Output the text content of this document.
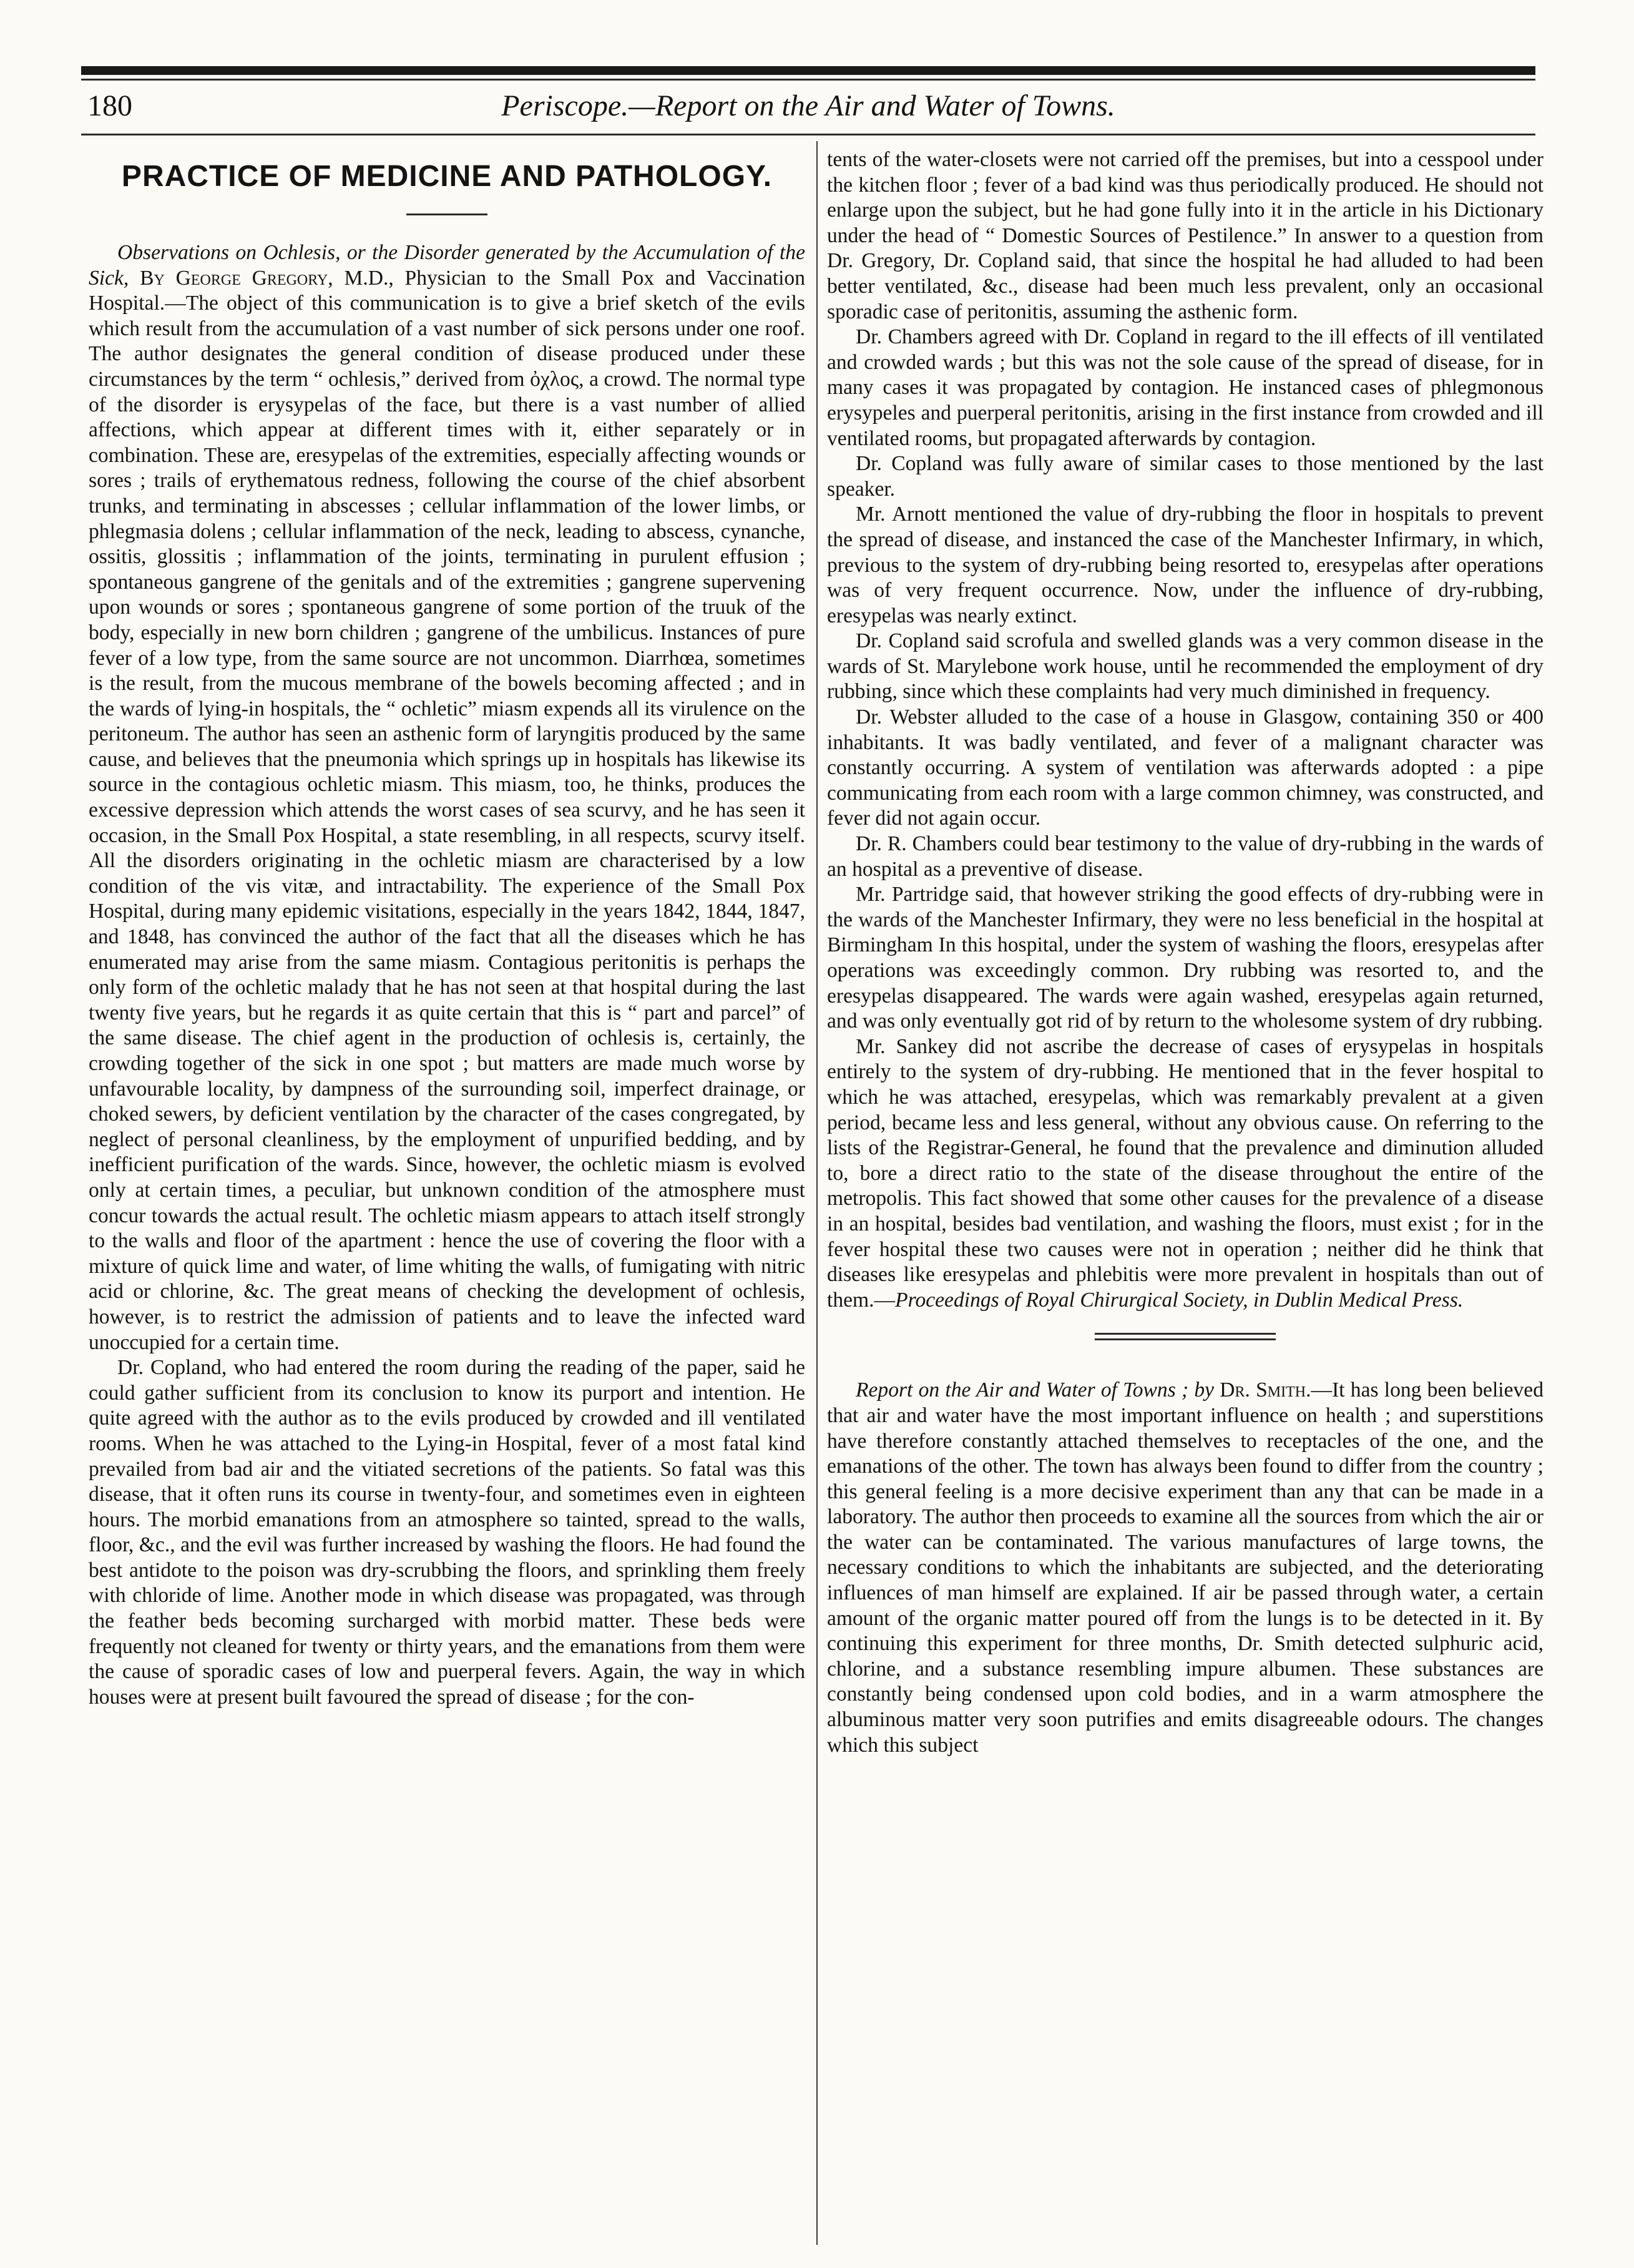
180	Periscope.—Report on the Air and Water of Towns.
PRACTICE OF MEDICINE AND PATHOLOGY.

Observations on Ochlesis, or the Disorder generated by the Accumulation of the Sick, By George Gregory, M.D., Physician to the Small Pox and Vaccination Hospital.—The object of this communication is to give a brief sketch of the evils which result from the accumulation of a vast number of sick persons under one roof. The author designates the general condition of disease produced under these circumstances by the term “ ochlesis,” derived from ὀχλος, a crowd. The normal type of the disorder is erysypelas of the face, but there is a vast number of allied affections, which appear at different times with it, either separately or in combination. These are, eresypelas of the extremities, especially affecting wounds or sores ; trails of erythematous redness, following the course of the chief absorbent trunks, and terminating in abscesses ; cellular inflammation of the lower limbs, or phlegmasia dolens ; cellular inflammation of the neck, leading to abscess, cynanche, ossitis, glossitis ; inflammation of the joints, terminating in purulent effusion ; spontaneous gangrene of the genitals and of the extremities ; gangrene supervening upon wounds or sores ; spontaneous gangrene of some portion of the truuk of the body, especially in new born children ; gangrene of the umbilicus. Instances of pure fever of a low type, from the same source are not uncommon. Diarrhœa, sometimes is the result, from the mucous membrane of the bowels becoming affected ; and in the wards of lying-in hospitals, the “ ochletic” miasm expends all its virulence on the peritoneum. The author has seen an asthenic form of laryngitis produced by the same cause, and believes that the pneumonia which springs up in hospitals has likewise its source in the contagious ochletic miasm. This miasm, too, he thinks, produces the excessive depression which attends the worst cases of sea scurvy, and he has seen it occasion, in the Small Pox Hospital, a state resembling, in all respects, scurvy itself. All the disorders originating in the ochletic miasm are characterised by a low condition of the vis vitæ, and intractability. The experience of the Small Pox Hospital, during many epidemic visitations, especially in the years 1842, 1844, 1847, and 1848, has convinced the author of the fact that all the diseases which he has enumerated may arise from the same miasm. Contagious peritonitis is perhaps the only form of the ochletic malady that he has not seen at that hospital during the last twenty five years, but he regards it as quite certain that this is “ part and parcel” of the same disease. The chief agent in the production of ochlesis is, certainly, the crowding together of the sick in one spot ; but matters are made much worse by unfavourable locality, by dampness of the surrounding soil, imperfect drainage, or choked sewers, by deficient ventilation by the character of the cases congregated, by neglect of personal cleanliness, by the employment of unpurified bedding, and by inefficient purification of the wards. Since, however, the ochletic miasm is evolved only at certain times, a peculiar, but unknown condition of the atmosphere must concur towards the actual result. The ochletic miasm appears to attach itself strongly to the walls and floor of the apartment : hence the use of covering the floor with a mixture of quick lime and water, of lime whiting the walls, of fumigating with nitric acid or chlorine, &c. The great means of checking the development of ochlesis, however, is to restrict the admission of patients and to leave the infected ward unoccupied for a certain time.

Dr. Copland, who had entered the room during the reading of the paper, said he could gather sufficient from its conclusion to know its purport and intention. He quite agreed with the author as to the evils produced by crowded and ill ventilated rooms. When he was attached to the Lying-in Hospital, fever of a most fatal kind prevailed from bad air and the vitiated secretions of the patients. So fatal was this disease, that it often runs its course in twenty-four, and sometimes even in eighteen hours. The morbid emanations from an atmosphere so tainted, spread to the walls, floor, &c., and the evil was further increased by washing the floors. He had found the best antidote to the poison was dry-scrubbing the floors, and sprinkling them freely with chloride of lime. Another mode in which disease was propagated, was through the feather beds becoming surcharged with morbid matter. These beds were frequently not cleaned for twenty or thirty years, and the emanations from them were the cause of sporadic cases of low and puerperal fevers. Again, the way in which houses were at present built favoured the spread of disease ; for the con-

tents of the water-closets were not carried off the premises, but into a cesspool under the kitchen floor ; fever of a bad kind was thus periodically produced. He should not enlarge upon the subject, but he had gone fully into it in the article in his Dictionary under the head of “ Domestic Sources of Pestilence.” In answer to a question from Dr. Gregory, Dr. Copland said, that since the hospital he had alluded to had been better ventilated, &c., disease had been much less prevalent, only an occasional sporadic case of peritonitis, assuming the asthenic form.

Dr. Chambers agreed with Dr. Copland in regard to the ill effects of ill ventilated and crowded wards ; but this was not the sole cause of the spread of disease, for in many cases it was propagated by contagion. He instanced cases of phlegmonous erysypeles and puerperal peritonitis, arising in the first instance from crowded and ill ventilated rooms, but propagated afterwards by contagion.

Dr. Copland was fully aware of similar cases to those mentioned by the last speaker.

Mr. Arnott mentioned the value of dry-rubbing the floor in hospitals to prevent the spread of disease, and instanced the case of the Manchester Infirmary, in which, previous to the system of dry-rubbing being resorted to, eresypelas after operations was of very frequent occurrence. Now, under the influence of dry-rubbing, eresypelas was nearly extinct.

Dr. Copland said scrofula and swelled glands was a very common disease in the wards of St. Marylebone work house, until he recommended the employment of dry rubbing, since which these complaints had very much diminished in frequency.

Dr. Webster alluded to the case of a house in Glasgow, containing 350 or 400 inhabitants. It was badly ventilated, and fever of a malignant character was constantly occurring. A system of ventilation was afterwards adopted : a pipe communicating from each room with a large common chimney, was constructed, and fever did not again occur.

Dr. R. Chambers could bear testimony to the value of dry-rubbing in the wards of an hospital as a preventive of disease.

Mr. Partridge said, that however striking the good effects of dry-rubbing were in the wards of the Manchester Infirmary, they were no less beneficial in the hospital at Birmingham In this hospital, under the system of washing the floors, eresypelas after operations was exceedingly common. Dry rubbing was resorted to, and the eresypelas disappeared. The wards were again washed, eresypelas again returned, and was only eventually got rid of by return to the wholesome system of dry rubbing.

Mr. Sankey did not ascribe the decrease of cases of erysypelas in hospitals entirely to the system of dry-rubbing. He mentioned that in the fever hospital to which he was attached, eresypelas, which was remarkably prevalent at a given period, became less and less general, without any obvious cause. On referring to the lists of the Registrar-General, he found that the prevalence and diminution alluded to, bore a direct ratio to the state of the disease throughout the entire of the metropolis. This fact showed that some other causes for the prevalence of a disease in an hospital, besides bad ventilation, and washing the floors, must exist ; for in the fever hospital these two causes were not in operation ; neither did he think that diseases like eresypelas and phlebitis were more prevalent in hospitals than out of them.—Proceedings of Royal Chirurgical Society, in Dublin Medical Press.

Report on the Air and Water of Towns ; by Dr. Smith.—It has long been believed that air and water have the most important influence on health ; and superstitions have therefore constantly attached themselves to receptacles of the one, and the emanations of the other. The town has always been found to differ from the country ; this general feeling is a more decisive experiment than any that can be made in a laboratory. The author then proceeds to examine all the sources from which the air or the water can be contaminated. The various manufactures of large towns, the necessary conditions to which the inhabitants are subjected, and the deteriorating influences of man himself are explained. If air be passed through water, a certain amount of the organic matter poured off from the lungs is to be detected in it. By continuing this experiment for three months, Dr. Smith detected sulphuric acid, chlorine, and a substance resembling impure albumen. These substances are constantly being condensed upon cold bodies, and in a warm atmosphere the albuminous matter very soon putrifies and emits disagreeable odours. The changes which this subject
